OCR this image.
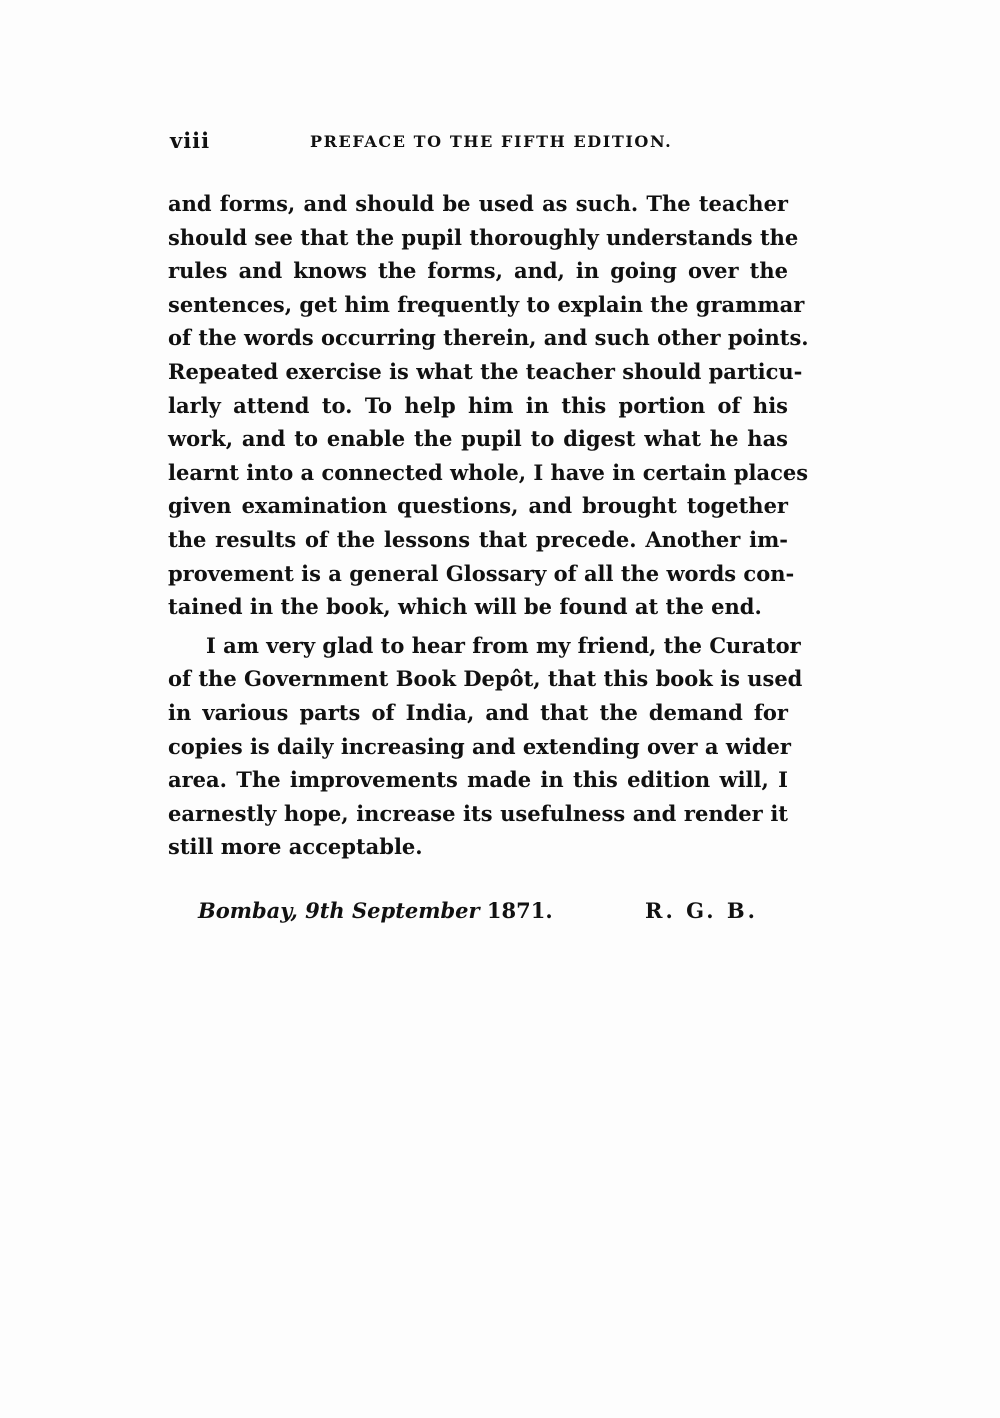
viii	PREFACE TO THE FIFTH EDITION.
and forms, and should be used as such. The teacher
should see that the pupil thoroughly understands the
rules and knows the forms, and, in going over the
sentences, get him frequently to explain the grammar
of the words occurring therein, and such other points.
Repeated exercise is what the teacher should particu-
larly attend to. To help him in this portion of his
work, and to enable the pupil to digest what he has
learnt into a connected whole, I have in certain places
given examination questions, and brought together
the results of the lessons that precede. Another im-
provement is a general Glossary of all the words con-
tained in the book, which will be found at the end.
I am very glad to hear from my friend, the Curator
of the Government Book Depôt, that this book is used
in various parts of India, and that the demand for
copies is daily increasing and extending over a wider
area. The improvements made in this edition will, I
earnestly hope, increase its usefulness and render it
still more acceptable.
Bombay, 9th September 1871.	R. G. B.
